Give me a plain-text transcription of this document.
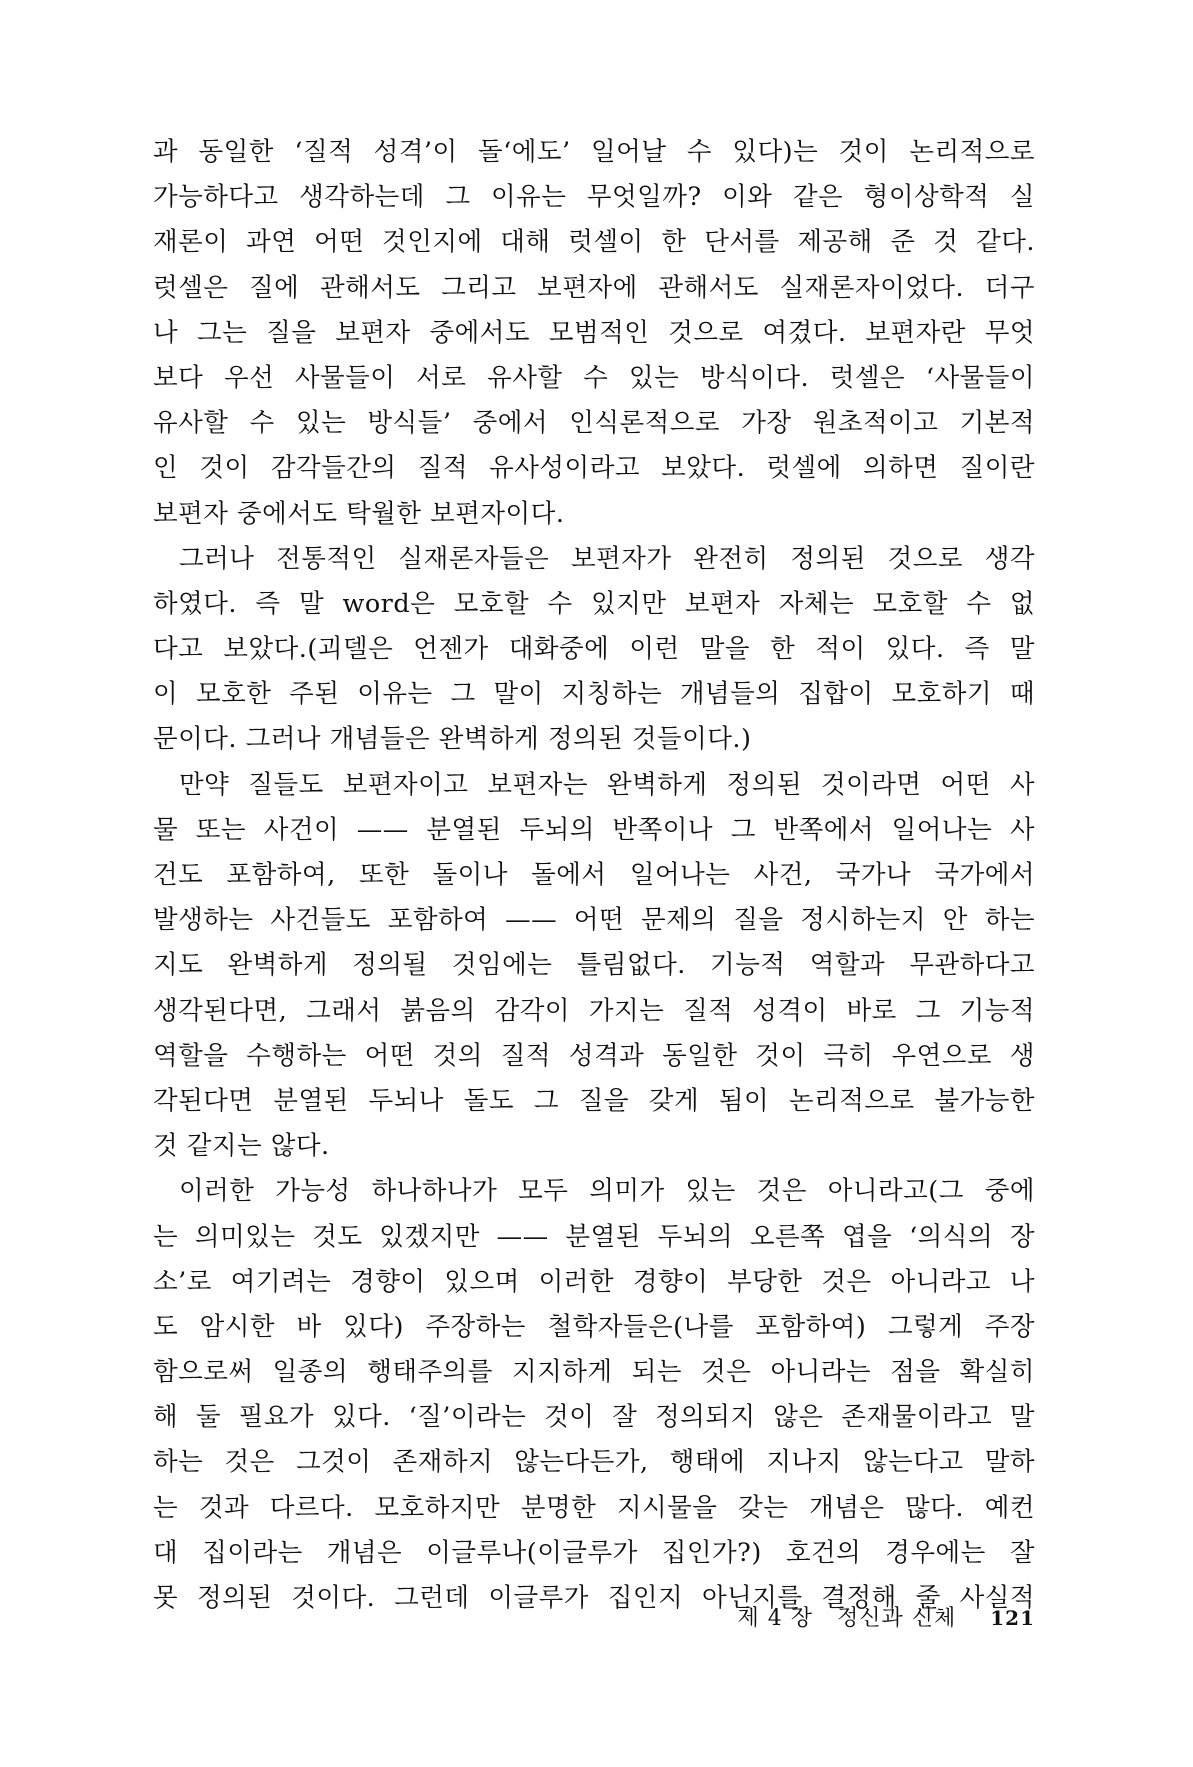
과 동일한 ‘질적 성격’이 돌‘에도’ 일어날 수 있다)는 것이 논리적으로
가능하다고 생각하는데 그 이유는 무엇일까? 이와 같은 형이상학적 실
재론이 과연 어떤 것인지에 대해 럿셀이 한 단서를 제공해 준 것 같다.
럿셀은 질에 관해서도 그리고 보편자에 관해서도 실재론자이었다. 더구
나 그는 질을 보편자 중에서도 모범적인 것으로 여겼다. 보편자란 무엇
보다 우선 사물들이 서로 유사할 수 있는 방식이다. 럿셀은 ‘사물들이
유사할 수 있는 방식들’ 중에서 인식론적으로 가장 원초적이고 기본적
인 것이 감각들간의 질적 유사성이라고 보았다. 럿셀에 의하면 질이란
보편자 중에서도 탁월한 보편자이다.
그러나 전통적인 실재론자들은 보편자가 완전히 정의된 것으로 생각
하였다. 즉 말 word은 모호할 수 있지만 보편자 자체는 모호할 수 없
다고 보았다.(괴델은 언젠가 대화중에 이런 말을 한 적이 있다. 즉 말
이 모호한 주된 이유는 그 말이 지칭하는 개념들의 집합이 모호하기 때
문이다. 그러나 개념들은 완벽하게 정의된 것들이다.)
만약 질들도 보편자이고 보편자는 완벽하게 정의된 것이라면 어떤 사
물 또는 사건이 —— 분열된 두뇌의 반쪽이나 그 반쪽에서 일어나는 사
건도 포함하여, 또한 돌이나 돌에서 일어나는 사건, 국가나 국가에서
발생하는 사건들도 포함하여 —— 어떤 문제의 질을 정시하는지 안 하는
지도 완벽하게 정의될 것임에는 틀림없다. 기능적 역할과 무관하다고
생각된다면, 그래서 붉음의 감각이 가지는 질적 성격이 바로 그 기능적
역할을 수행하는 어떤 것의 질적 성격과 동일한 것이 극히 우연으로 생
각된다면 분열된 두뇌나 돌도 그 질을 갖게 됨이 논리적으로 불가능한
것 같지는 않다.
이러한 가능성 하나하나가 모두 의미가 있는 것은 아니라고(그 중에
는 의미있는 것도 있겠지만 —— 분열된 두뇌의 오른쪽 엽을 ‘의식의 장
소’로 여기려는 경향이 있으며 이러한 경향이 부당한 것은 아니라고 나
도 암시한 바 있다) 주장하는 철학자들은(나를 포함하여) 그렇게 주장
함으로써 일종의 행태주의를 지지하게 되는 것은 아니라는 점을 확실히
해 둘 필요가 있다. ‘질’이라는 것이 잘 정의되지 않은 존재물이라고 말
하는 것은 그것이 존재하지 않는다든가, 행태에 지나지 않는다고 말하
는 것과 다르다. 모호하지만 분명한 지시물을 갖는 개념은 많다. 예컨
대 집이라는 개념은 이글루나(이글루가 집인가?) 호건의 경우에는 잘
못 정의된 것이다. 그런데 이글루가 집인지 아닌지를 결정해 줄 사실적
제 4 장 정신과 신체 121
